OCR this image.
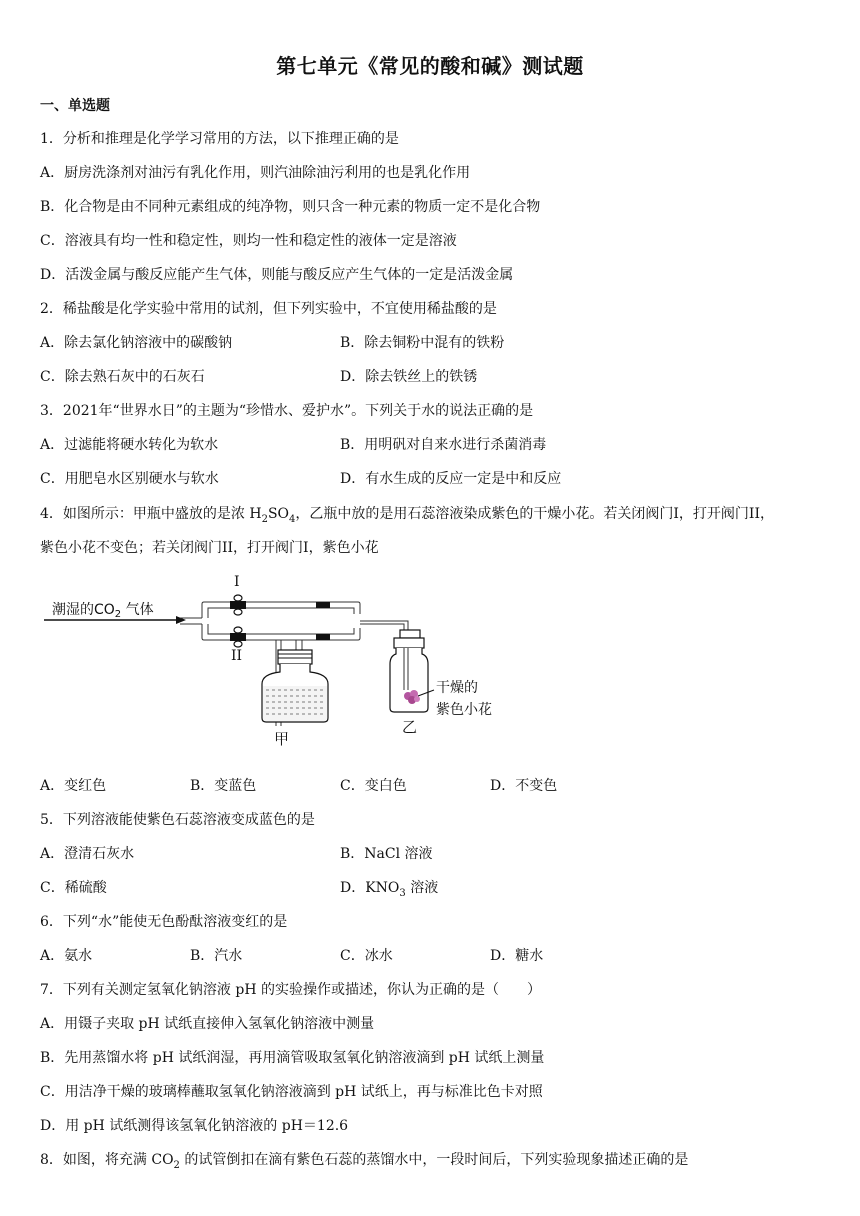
第七单元《常见的酸和碱》测试题
一、单选题
1．分析和推理是化学学习常用的方法，以下推理正确的是
A．厨房洗涤剂对油污有乳化作用，则汽油除油污利用的也是乳化作用
B．化合物是由不同种元素组成的纯净物，则只含一种元素的物质一定不是化合物
C．溶液具有均一性和稳定性，则均一性和稳定性的液体一定是溶液
D．活泼金属与酸反应能产生气体，则能与酸反应产生气体的一定是活泼金属
2．稀盐酸是化学实验中常用的试剂，但下列实验中，不宜使用稀盐酸的是
A．除去氯化钠溶液中的碳酸钠	B．除去铜粉中混有的铁粉
C．除去熟石灰中的石灰石	D．除去铁丝上的铁锈
3．2021年“世界水日”的主题为“珍惜水、爱护水”。下列关于水的说法正确的是
A．过滤能将硬水转化为软水	B．用明矾对自来水进行杀菌消毒
C．用肥皂水区别硬水与软水	D．有水生成的反应一定是中和反应
4．如图所示：甲瓶中盛放的是浓 $H_2SO_4$，乙瓶中放的是用石蕊溶液染成紫色的干燥小花。若关闭阀门I，打开阀门II，
紫色小花不变色；若关闭阀门II，打开阀门I，紫色小花
潮湿的$CO_2$ 气体
I
II
甲
干燥的
紫色小花
乙
A．变红色	B．变蓝色	C．变白色	D．不变色
5．下列溶液能使紫色石蕊溶液变成蓝色的是
A．澄清石灰水	B．NaCl 溶液
C．稀硫酸	D．$KNO_3$ 溶液
6．下列“水”能使无色酚酞溶液变红的是
A．氨水	B．汽水	C．冰水	D．糖水
7．下列有关测定氢氧化钠溶液 pH 的实验操作或描述，你认为正确的是（　　）
A．用镊子夹取 pH 试纸直接伸入氢氧化钠溶液中测量
B．先用蒸馏水将 pH 试纸润湿，再用滴管吸取氢氧化钠溶液滴到 pH 试纸上测量
C．用洁净干燥的玻璃棒蘸取氢氧化钠溶液滴到 pH 试纸上，再与标准比色卡对照
D．用 pH 试纸测得该氢氧化钠溶液的 pH＝12.6
8．如图，将充满 $CO_2$ 的试管倒扣在滴有紫色石蕊的蒸馏水中，一段时间后，下列实验现象描述正确的是
